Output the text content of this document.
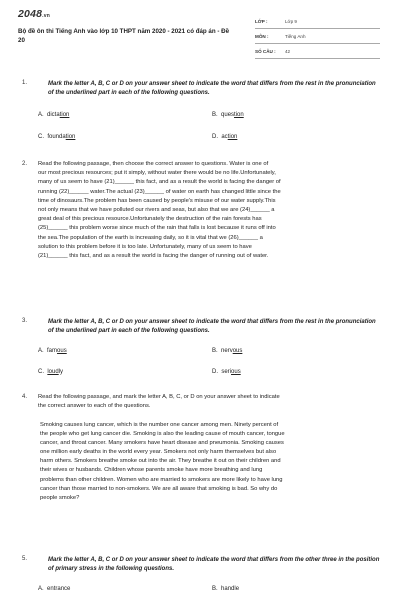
2048.vn
Bộ đề ôn thi Tiếng Anh vào lớp 10 THPT năm 2020 - 2021 có đáp án - Đề 20
LỚP :	Lớp 9
MÔN :	Tiếng Anh
SỐ CÂU :	42
1.	Mark the letter A, B, C or D on your answer sheet to indicate the word that differs from the rest in the pronunciation of the underlined part in each of the following questions.
A. dictation	B. question
C. foundation	D. action
2. Read the following passage, then choose the correct answer to questions. Water is one of
our most precious resources; put it simply, without water there would be no life.Unfortunately,
many of us seem to have (21)______ this fact, and as a result the world is facing the danger of
running (22)______ water.The actual (23)______ of water on earth has changed little since the
time of dinosaurs.The problem has been caused by people's misuse of our water supply.This
not only means that we have polluted our rivers and seas, but also that we are (24)______ a
great deal of this precious resource.Unfortunately the destruction of the rain forests has
(25)______ this problem worse since much of the rain that falls is lost because it runs off into
the sea.The population of the earth is increasing daily, so it is vital that we (26)______ a
solution to this problem before it is too late. Unfortunately, many of us seem to have
(21)______ this fact, and as a result the world is facing the danger of running out of water.
3.	Mark the letter A, B, C or D on your answer sheet to indicate the word that differs from the rest in the pronunciation of the underlined part in each of the following questions.
A. famous	B. nervous
C. loudly	D. serious
4. Read the following passage, and mark the letter A, B, C, or D on your answer sheet to indicate
the correct answer to each of the questions.
Smoking causes lung cancer, which is the number one cancer among men. Ninety percent of
the people who get lung cancer die. Smoking is also the leading cause of mouth cancer, tongue
cancer, and throat cancer. Many smokers have heart disease and pneumonia. Smoking causes
one million early deaths in the world every year. Smokers not only harm themselves but also
harm others. Smokers breathe smoke out into the air. They breathe it out on their children and
their wives or husbands. Children whose parents smoke have more breathing and lung
problems than other children. Women who are married to smokers are more likely to have lung
cancer than those married to non-smokers. We are all aware that smoking is bad. So why do
people smoke?
5.	Mark the letter A, B, C or D on your answer sheet to indicate the word that differs from the other three in the position of primary stress in the following questions.
A. entrance	B. handle
